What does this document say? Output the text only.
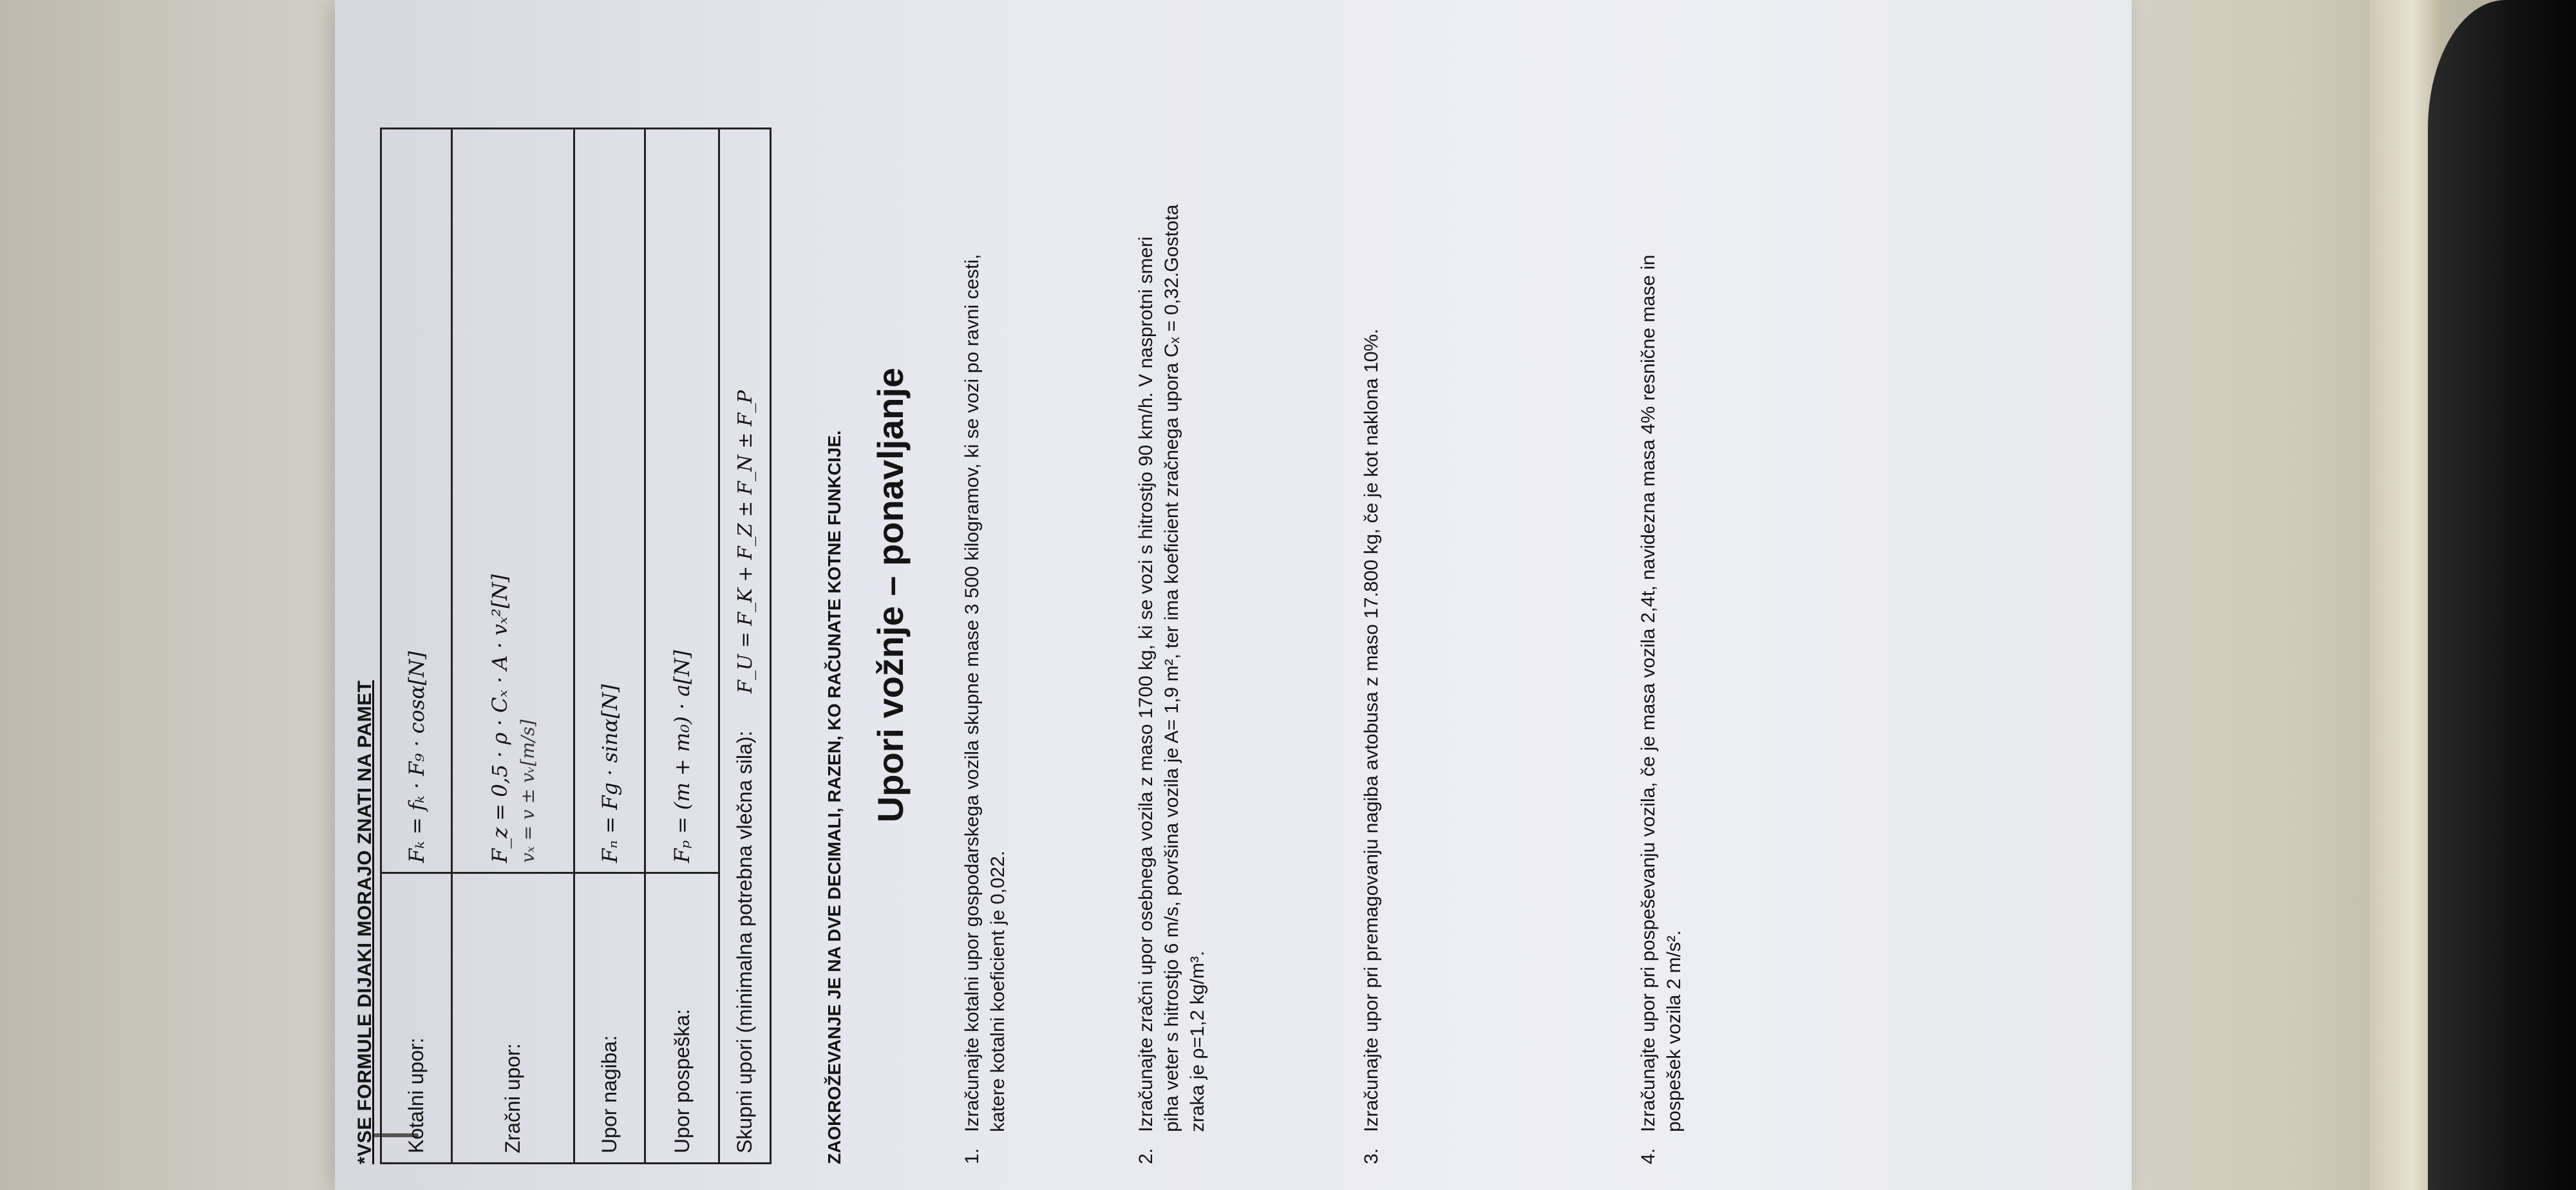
*VSE FORMULE DIJAKI MORAJO ZNATI NA PAMET Kotalni upor:	Fₖ = fₖ · F₉ · cosα[N]
Zračni upor:	F_z = 0,5 · ρ · Cₓ · A · vₓ²[N] vₓ = v ± vᵥ[m/s]

Upor nagiba:	Fₙ = Fg · sinα[N]
Upor pospeška:	Fₚ = (m + m₀) · a[N]
Skupni upori (minimalna potrebna vlečna sila):  F_U = F_K + F_Z ± F_N ± F_P		ZAOKROŽEVANJE JE NA DVE DECIMALI, RAZEN, KO RAČUNATE KOTNE FUNKCIJE. Upori vožnje – ponavljanje
1.
Izračunajte kotalni upor gospodarskega vozila skupne mase 3 500 kilogramov, ki se vozi po ravni cesti, katere kotalni koeficient je 0,022.
2.
Izračunajte zračni upor osebnega vozila z maso 1700 kg, ki se vozi s hitrostjo 90 km/h. V nasprotni smeri piha veter s hitrostjo 6 m/s, površina vozila je A= 1,9 m², ter ima koeficient zračnega upora Cₓ = 0,32.Gostota zraka je ρ=1,2 kg/m³.
3.
Izračunajte upor pri premagovanju nagiba avtobusa z maso 17.800 kg, če je kot naklona 10%.
4.
Izračunajte upor pri pospeševanju vozila, če je masa vozila 2,4t, navidezna masa 4% resnične mase in pospešek vozila 2 m/s².
